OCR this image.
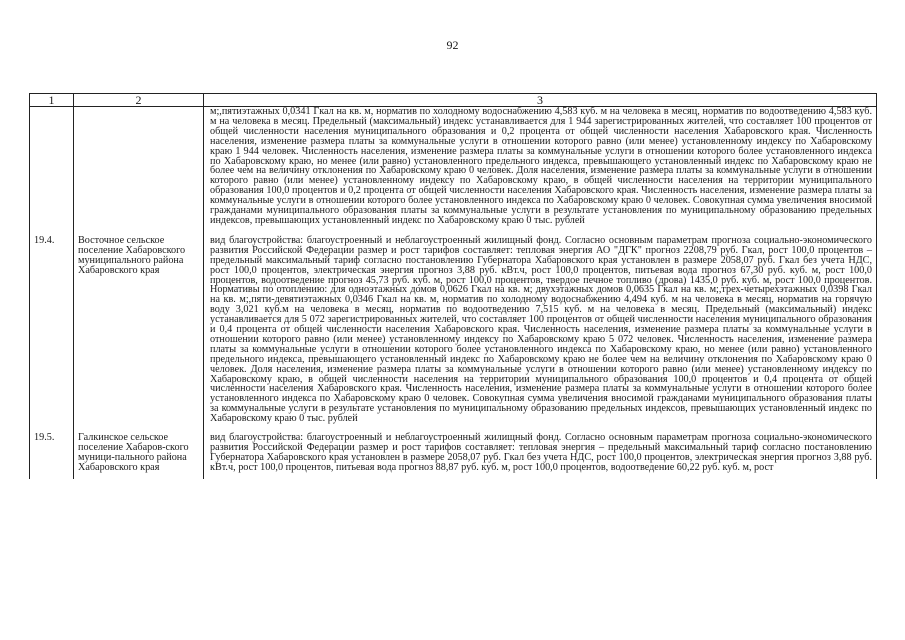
92
1	2	3

		м;,пятиэтажных 0,0341 Гкал на кв. м, норматив по холодному водоснабжению 4,583 куб. м на человека в месяц, норматив по водоотведению 4,583 куб. м на человека в месяц. Предельный (максимальный) индекс устанавливается для 1 944 зарегистрированных жителей, что составляет 100 процентов от общей численности населения муниципального образования и 0,2 процента от общей численности населения Хабаровского края. Численность населения, изменение размера платы за коммунальные услуги в отношении которого равно (или менее) установленному индексу по Хабаровскому краю 1 944 человек. Численность населения, изменение размера платы за коммунальные услуги в отношении которого более установленного индекса по Хабаровскому краю, но менее (или равно) установленного предельного индекса, превышающего установленный индекс по Хабаровскому краю не более чем на величину отклонения по Хабаровскому краю 0 человек. Доля населения, изменение размера платы за коммунальные услуги в отношении которого равно (или менее) установленному индексу по Хабаровскому краю, в общей численности населения на территории муниципального образования 100,0 процентов и 0,2 процента от общей численности населения Хабаровского края. Численность населения, изменение размера платы за коммунальные услуги в отношении которого более установленного индекса по Хабаровскому краю 0 человек. Совокупная сумма увеличения вносимой гражданами муниципального образования платы за коммунальные услуги в результате установления по муниципальному образованию предельных индексов, превышающих установленный индекс по Хабаровскому краю 0 тыс. рублей

19.4.	Восточное сельское поселение Хабаровского муниципального района Хабаровского края	вид благоустройства: благоустроенный и неблагоустроенный жилищный фонд. Согласно основным параметрам прогноза социально-экономического развития Российской Федерации размер и рост тарифов составляет: тепловая энергия АО "ДГК" прогноз 2208,79 руб. Гкал, рост 100,0 процентов – предельный максимальный тариф согласно постановлению Губернатора Хабаровского края установлен в размере 2058,07 руб. Гкал без учета НДС, рост 100,0 процентов, электрическая энергия прогноз 3,88 руб. кВт.ч, рост 100,0 процентов, питьевая вода прогноз 67,30 руб. куб. м, рост 100,0 процентов, водоотведение прогноз 45,73 руб. куб. м, рост 100,0 процентов, твердое печное топливо (дрова) 1435,0 руб. куб. м, рост 100,0 процентов. Нормативы по отоплению: для одноэтажных домов 0,0626 Гкал на кв. м; двухэтажных домов 0,0635 Гкал на кв. м;,трех-четырехэтажных 0,0398 Гкал на кв. м;,пяти-девятиэтажных 0,0346 Гкал на кв. м, норматив по холодному водоснабжению 4,494 куб. м на человека в месяц, норматив на горячую воду 3,021 куб.м на человека в месяц, норматив по водоотведению 7,515 куб. м на человека в месяц. Предельный (максимальный) индекс устанавливается для 5 072 зарегистрированных жителей, что составляет 100 процентов от общей численности населения муниципального образования и 0,4 процента от общей численности населения Хабаровского края. Численность населения, изменение размера платы за коммунальные услуги в отношении которого равно (или менее) установленному индексу по Хабаровскому краю 5 072 человек. Численность населения, изменение размера платы за коммунальные услуги в отношении которого более установленного индекса по Хабаровскому краю, но менее (или равно) установленного предельного индекса, превышающего установленный индекс по Хабаровскому краю не более чем на величину отклонения по Хабаровскому краю 0 человек. Доля населения, изменение размера платы за коммунальные услуги в отношении которого равно (или менее) установленному индексу по Хабаровскому краю, в общей численности населения на территории муниципального образования 100,0 процентов и 0,4 процента от общей численности населения Хабаровского края. Численность населения, изменение размера платы за коммунальные услуги в отношении которого более установленного индекса по Хабаровскому краю 0 человек. Совокупная сумма увеличения вносимой гражданами муниципального образования платы за коммунальные услуги в результате установления по муниципальному образованию предельных индексов, превышающих установленный индекс по Хабаровскому краю 0 тыс. рублей

19.5.	Галкинское сельское поселение Хабаров-ского муници-пального района Хабаровского края	вид благоустройства: благоустроенный и неблагоустроенный жилищный фонд. Согласно основным параметрам прогноза социально-экономического развития Российской Федерации размер и рост тарифов составляет: тепловая энергия – предельный максимальный тариф согласно постановлению Губернатора Хабаровского края установлен в размере 2058,07 руб. Гкал без учета НДС, рост 100,0 процентов, электрическая энергия прогноз 3,88 руб. кВт.ч, рост 100,0 процентов, питьевая вода прогноз 88,87 руб. куб. м, рост 100,0 процентов, водоотведение 60,22 руб. куб. м, рост
